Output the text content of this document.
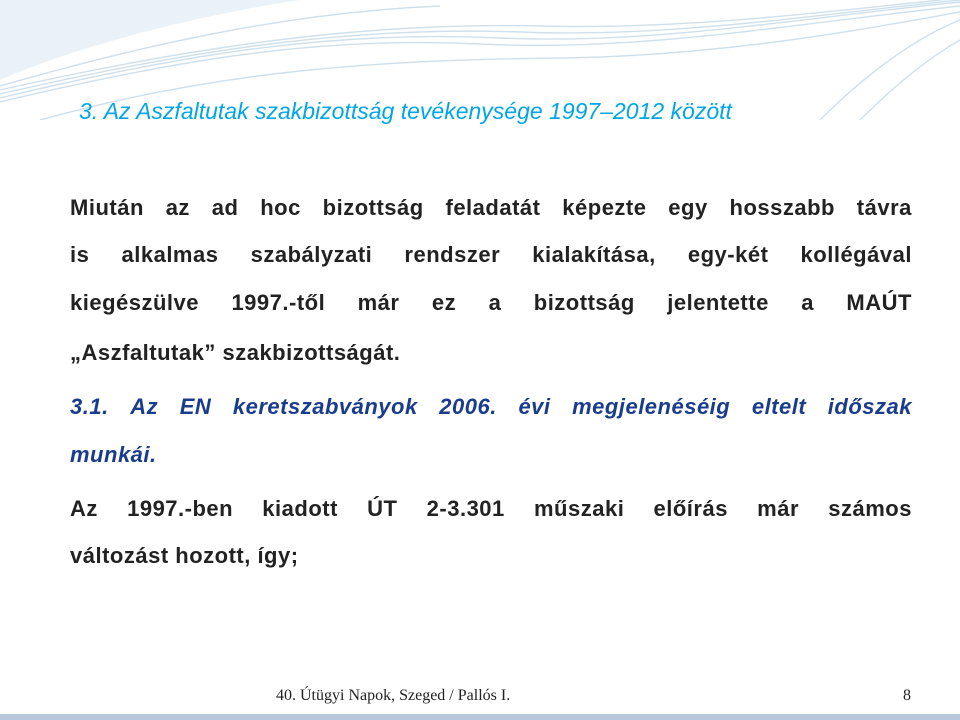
3. Az Aszfaltutak szakbizottság tevékenysége 1997–2012 között
Miután az ad hoc bizottság feladatát képezte egy hosszabb távra
is alkalmas szabályzati rendszer kialakítása, egy-két kollégával
kiegészülve 1997.-től már ez a bizottság jelentette a MAÚT
„Aszfaltutak” szakbizottságát.
3.1. Az EN keretszabványok 2006. évi megjelenéséig eltelt időszak
munkái.
Az 1997.-ben kiadott ÚT 2-3.301 műszaki előírás már számos
változást hozott, így;
40. Útügyi Napok, Szeged / Pallós I.	8
